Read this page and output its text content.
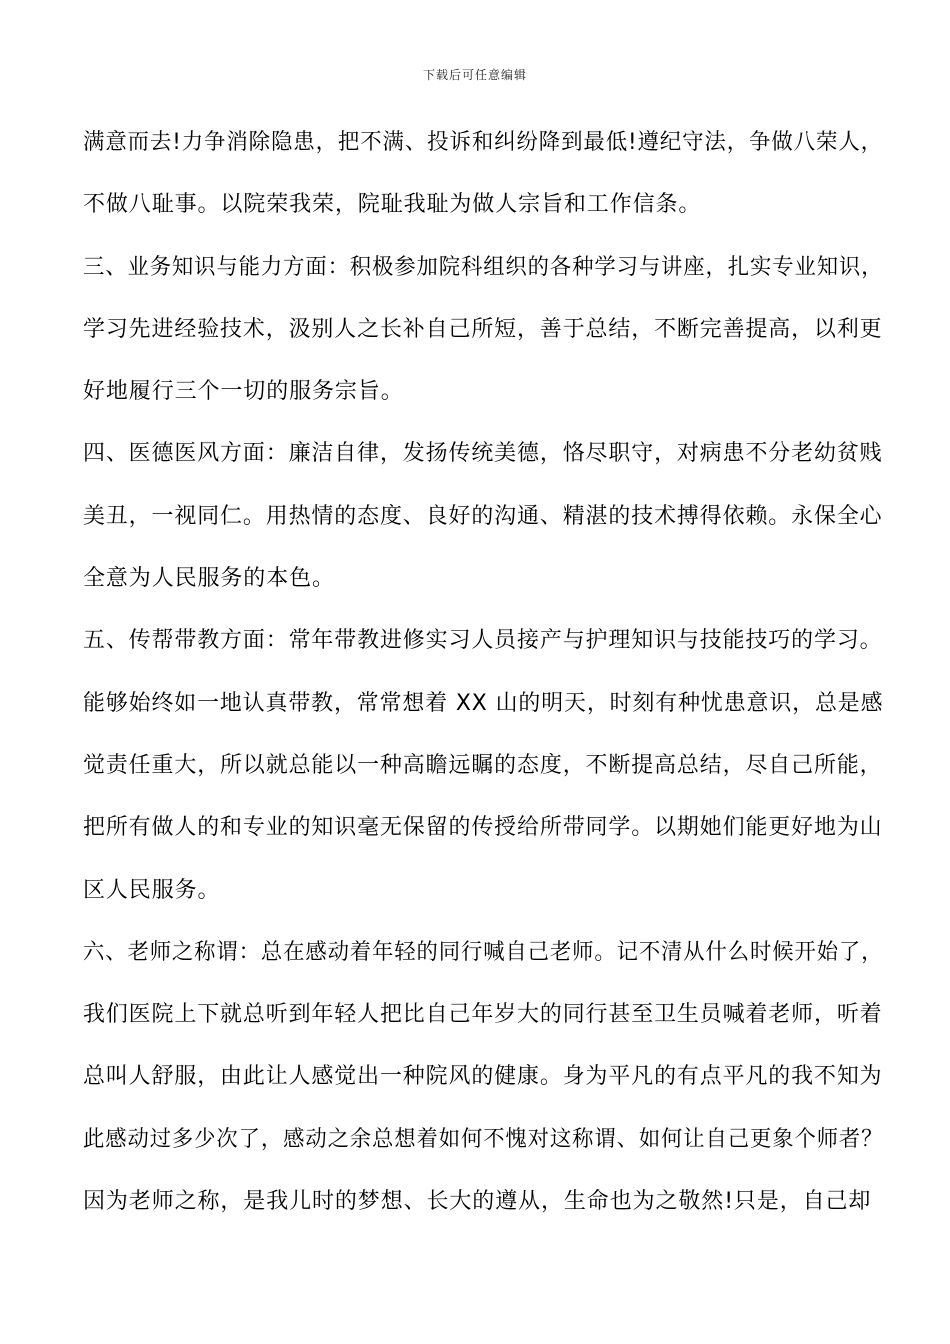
下载后可任意编辑
满意而去!力争消除隐患，把不满、投诉和纠纷降到最低!遵纪守法，争做八荣人，
不做八耻事。以院荣我荣，院耻我耻为做人宗旨和工作信条。
三、业务知识与能力方面：积极参加院科组织的各种学习与讲座，扎实专业知识，
学习先进经验技术，汲别人之长补自己所短，善于总结，不断完善提高，以利更
好地履行三个一切的服务宗旨。
四、医德医风方面：廉洁自律，发扬传统美德，恪尽职守，对病患不分老幼贫贱
美丑，一视同仁。用热情的态度、良好的沟通、精湛的技术搏得依赖。永保全心
全意为人民服务的本色。
五、传帮带教方面：常年带教进修实习人员接产与护理知识与技能技巧的学习。
能够始终如一地认真带教，常常想着 XX 山的明天，时刻有种忧患意识，总是感
觉责任重大，所以就总能以一种高瞻远瞩的态度，不断提高总结，尽自己所能，
把所有做人的和专业的知识毫无保留的传授给所带同学。以期她们能更好地为山
区人民服务。
六、老师之称谓：总在感动着年轻的同行喊自己老师。记不清从什么时候开始了，
我们医院上下就总听到年轻人把比自己年岁大的同行甚至卫生员喊着老师，听着
总叫人舒服，由此让人感觉出一种院风的健康。身为平凡的有点平凡的我不知为
此感动过多少次了，感动之余总想着如何不愧对这称谓、如何让自己更象个师者？
因为老师之称，是我儿时的梦想、长大的遵从，生命也为之敬然!只是，自己却
